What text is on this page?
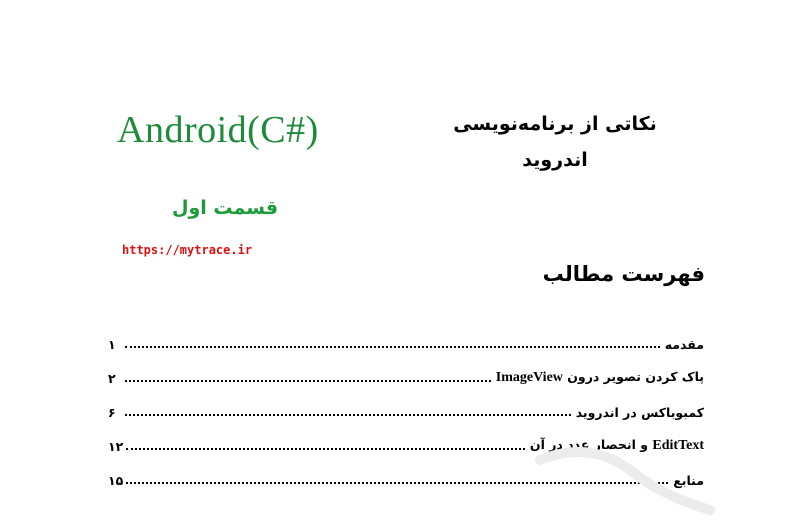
نکاتی از برنامه‌نویسی
اندروید
Android(C#)
قسمت اول
https://mytrace.ir
فهرست مطالب
مقدمه
۱
پاک کردن تصویر درون ImageView
۲
کمبوباکس در اندروید
۶
EditText و انحصار عدد در آن
۱۲
منابع
۱۵
